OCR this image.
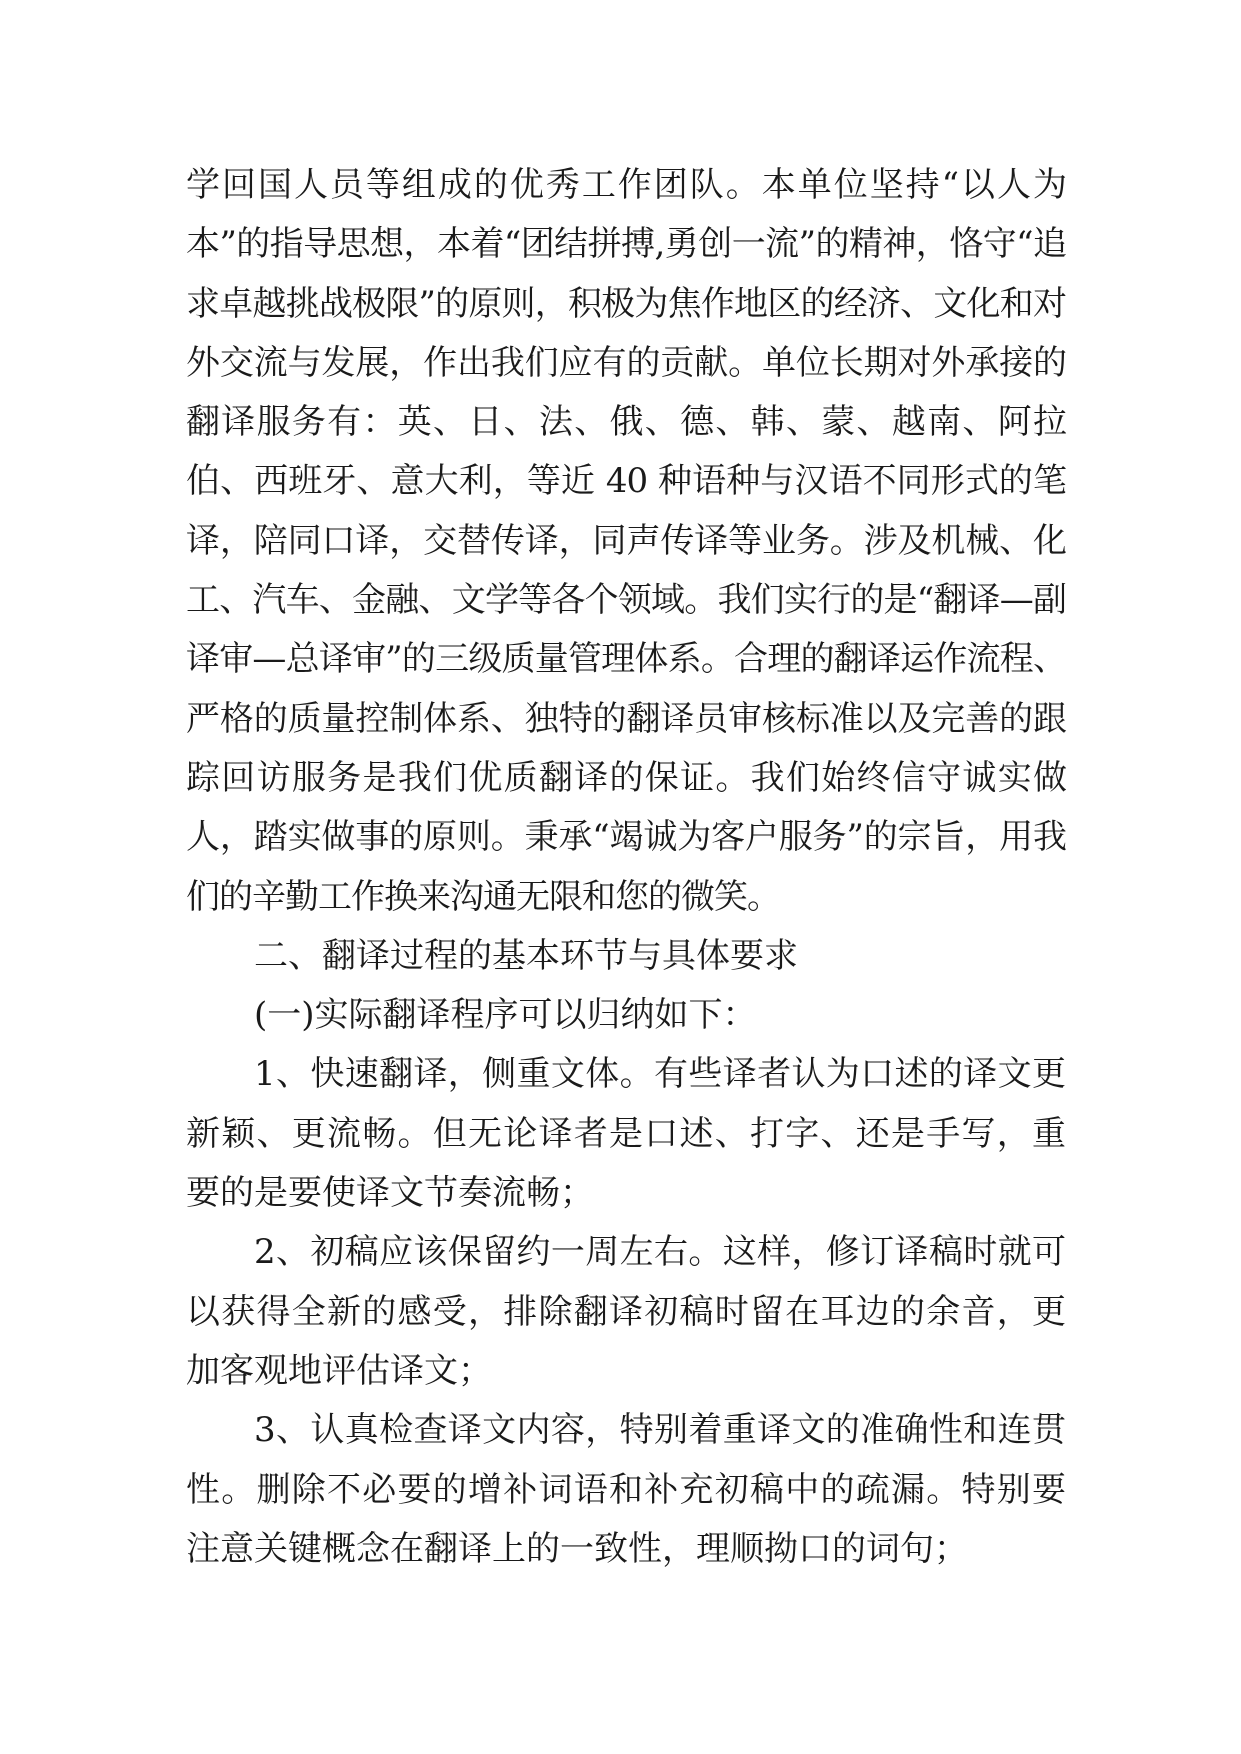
学回国人员等组成的优秀工作团队。本单位坚持“以人为本”的指导思想，本着“团结拼搏,勇创一流”的精神，恪守“追求卓越挑战极限”的原则，积极为焦作地区的经济、文化和对外交流与发展，作出我们应有的贡献。单位长期对外承接的翻译服务有：英、日、法、俄、德、韩、蒙、越南、阿拉伯、西班牙、意大利，等近 40 种语种与汉语不同形式的笔译，陪同口译，交替传译，同声传译等业务。涉及机械、化工、汽车、金融、文学等各个领域。我们实行的是“翻译—副译审—总译审”的三级质量管理体系。合理的翻译运作流程、严格的质量控制体系、独特的翻译员审核标准以及完善的跟踪回访服务是我们优质翻译的保证。我们始终信守诚实做人，踏实做事的原则。秉承“竭诚为客户服务”的宗旨，用我们的辛勤工作换来沟通无限和您的微笑。

二、翻译过程的基本环节与具体要求

(一)实际翻译程序可以归纳如下：

1、快速翻译，侧重文体。有些译者认为口述的译文更新颖、更流畅。但无论译者是口述、打字、还是手写，重要的是要使译文节奏流畅；

2、初稿应该保留约一周左右。这样，修订译稿时就可以获得全新的感受，排除翻译初稿时留在耳边的余音，更加客观地评估译文；

3、认真检查译文内容，特别着重译文的准确性和连贯性。删除不必要的增补词语和补充初稿中的疏漏。特别要注意关键概念在翻译上的一致性，理顺拗口的词句；
